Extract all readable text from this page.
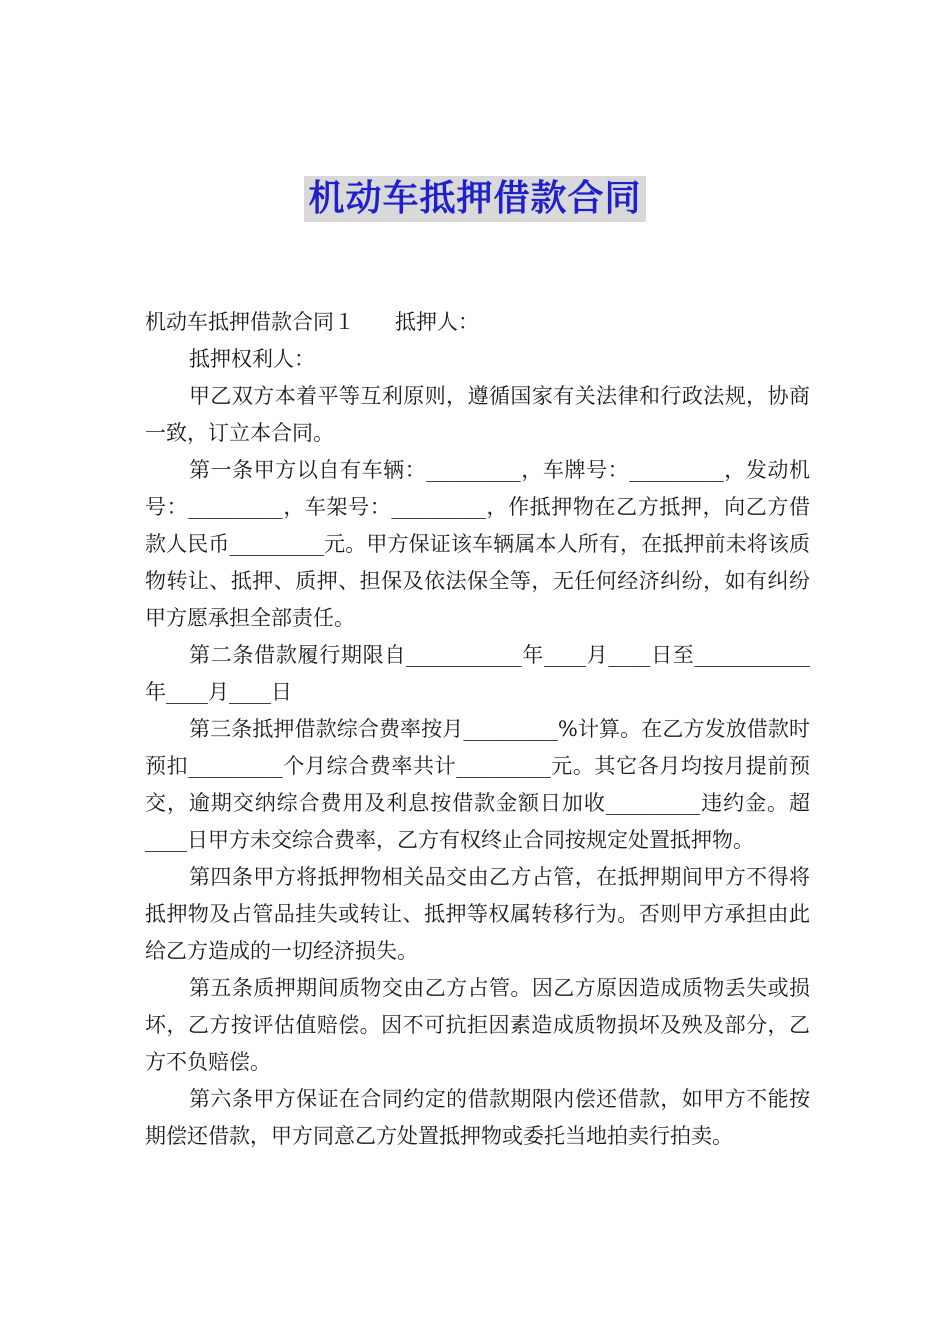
机动车抵押借款合同

机动车抵押借款合同１ 抵押人：

抵押权利人：

甲乙双方本着平等互利原则，遵循国家有关法律和行政法规，协商一致，订立本合同。

第一条甲方以自有车辆：_________，车牌号：_________，发动机号：_________，车架号：_________，作抵押物在乙方抵押，向乙方借款人民币_________元。甲方保证该车辆属本人所有，在抵押前未将该质物转让、抵押、质押、担保及依法保全等，无任何经济纠纷，如有纠纷甲方愿承担全部责任。

第二条借款履行期限自___________年____月____日至___________年____月____日

第三条抵押借款综合费率按月_________%计算。在乙方发放借款时预扣_________个月综合费率共计_________元。其它各月均按月提前预交，逾期交纳综合费用及利息按借款金额日加收_________违约金。超____日甲方未交综合费率，乙方有权终止合同按规定处置抵押物。

第四条甲方将抵押物相关品交由乙方占管，在抵押期间甲方不得将抵押物及占管品挂失或转让、抵押等权属转移行为。否则甲方承担由此给乙方造成的一切经济损失。

第五条质押期间质物交由乙方占管。因乙方原因造成质物丢失或损坏，乙方按评估值赔偿。因不可抗拒因素造成质物损坏及殃及部分，乙方不负赔偿。

第六条甲方保证在合同约定的借款期限内偿还借款，如甲方不能按期偿还借款，甲方同意乙方处置抵押物或委托当地拍卖行拍卖。
